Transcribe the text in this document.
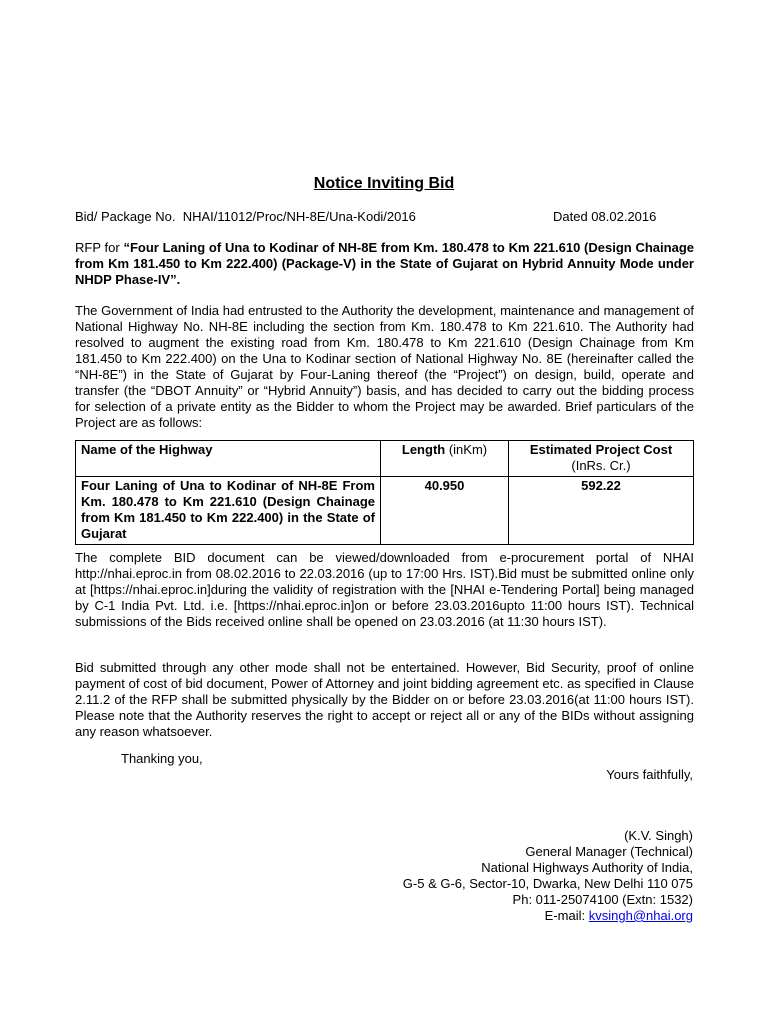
Notice Inviting Bid
Bid/ Package No. NHAI/11012/Proc/NH-8E/Una-Kodi/2016	Dated 08.02.2016

RFP for “Four Laning of Una to Kodinar of NH-8E from Km. 180.478 to Km 221.610 (Design Chainage from Km 181.450 to Km 222.400) (Package-V) in the State of Gujarat on Hybrid Annuity Mode under NHDP Phase-IV”.

The Government of India had entrusted to the Authority the development, maintenance and management of National Highway No. NH-8E including the section from Km. 180.478 to Km 221.610. The Authority had resolved to augment the existing road from Km. 180.478 to Km 221.610 (Design Chainage from Km 181.450 to Km 222.400) on the Una to Kodinar section of National Highway No. 8E (hereinafter called the “NH-8E”) in the State of Gujarat by Four-Laning thereof (the “Project”) on design, build, operate and transfer (the “DBOT Annuity” or “Hybrid Annuity”) basis, and has decided to carry out the bidding process for selection of a private entity as the Bidder to whom the Project may be awarded. Brief particulars of the Project are as follows:

Name of the Highway	Length (inKm)	Estimated Project Cost
(InRs. Cr.)
Four Laning of Una to Kodinar of NH-8E From Km. 180.478 to Km 221.610 (Design Chainage from Km 181.450 to Km 222.400) in the State of Gujarat	40.950	592.22

The complete BID document can be viewed/downloaded from e-procurement portal of NHAI http://nhai.eproc.in from 08.02.2016 to 22.03.2016 (up to 17:00 Hrs. IST).Bid must be submitted online only at [https://nhai.eproc.in]during the validity of registration with the [NHAI e-Tendering Portal] being managed by C-1 India Pvt. Ltd. i.e. [https://nhai.eproc.in]on or before 23.03.2016upto 11:00 hours IST). Technical submissions of the Bids received online shall be opened on 23.03.2016 (at 11:30 hours IST).

Bid submitted through any other mode shall not be entertained. However, Bid Security, proof of online payment of cost of bid document, Power of Attorney and joint bidding agreement etc. as specified in Clause 2.11.2 of the RFP shall be submitted physically by the Bidder on or before 23.03.2016(at 11:00 hours IST). Please note that the Authority reserves the right to accept or reject all or any of the BIDs without assigning any reason whatsoever.

Thanking you,
Yours faithfully,
(K.V. Singh)
General Manager (Technical)
National Highways Authority of India,
G-5 & G-6, Sector-10, Dwarka, New Delhi 110 075
Ph: 011-25074100 (Extn: 1532)
E-mail: kvsingh@nhai.org
